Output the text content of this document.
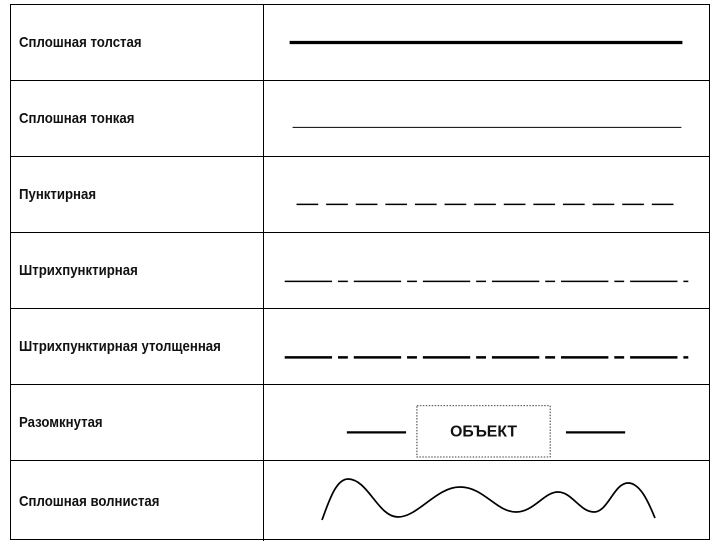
Сплошная толстая
Сплошная тонкая
Пунктирная
Штрихпунктирная
Штрихпунктирная утолщенная
Разомкнутая
ОБЪЕКТ
Сплошная волнистая
